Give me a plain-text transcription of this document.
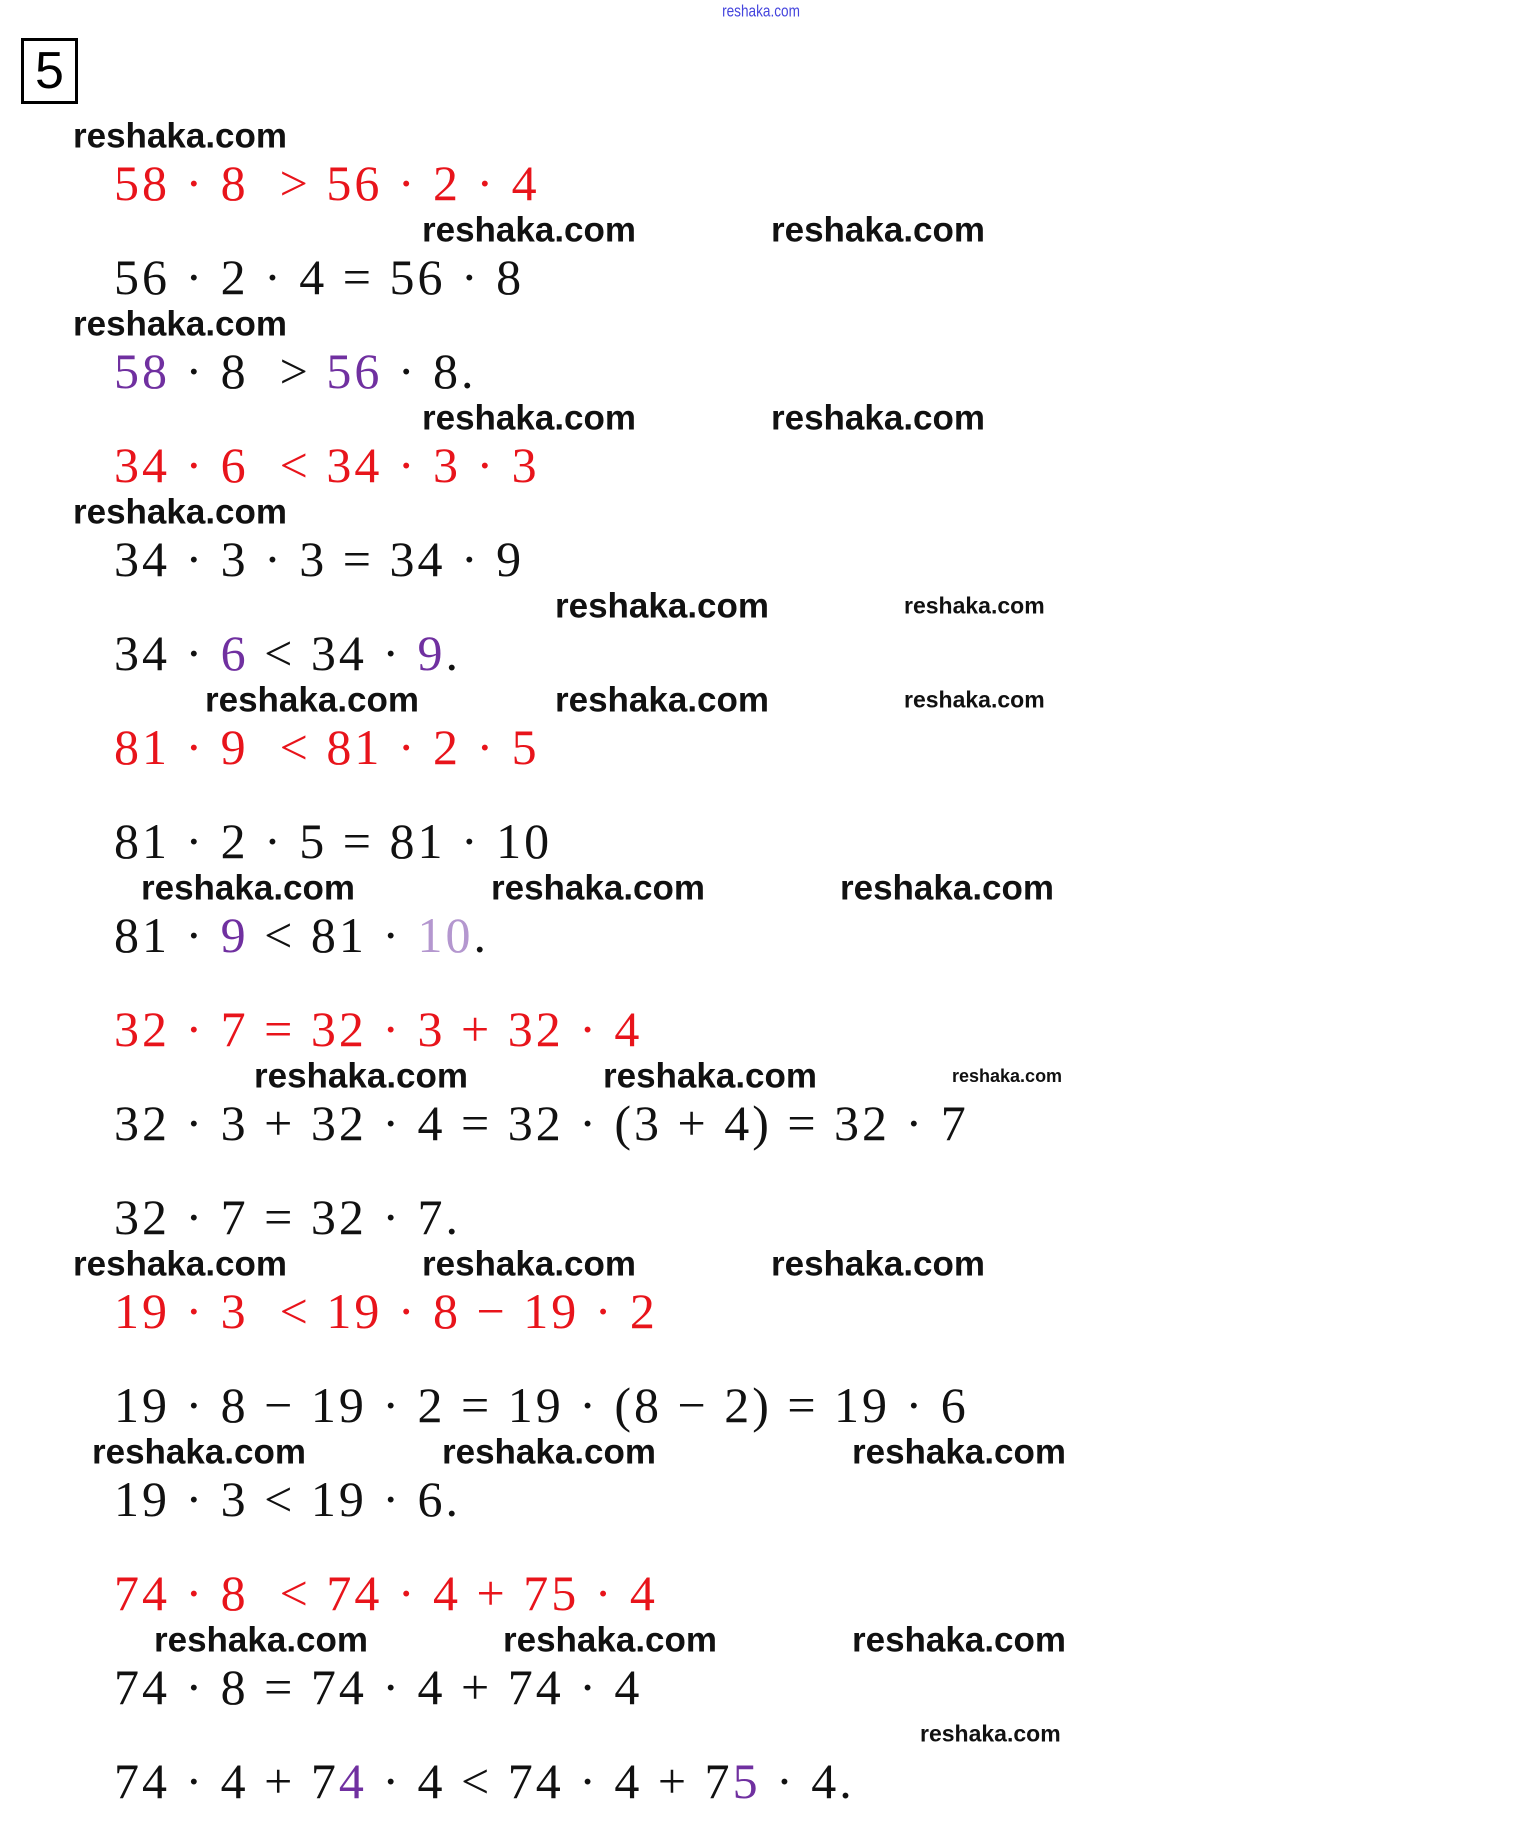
5
58 · 8  > 56 · 2 · 4
56 · 2 · 4 = 56 · 8
58 · 8  > 56 · 8.
34 · 6  < 34 · 3 · 3
34 · 3 · 3 = 34 · 9
34 · 6 < 34 · 9.
81 · 9  < 81 · 2 · 5
81 · 2 · 5 = 81 · 10
81 · 9 < 81 · 10.
32 · 7 = 32 · 3 + 32 · 4
32 · 3 + 32 · 4 = 32 · (3 + 4) = 32 · 7
32 · 7 = 32 · 7.
19 · 3  < 19 · 8 − 19 · 2
19 · 8 − 19 · 2 = 19 · (8 − 2) = 19 · 6
19 · 3 < 19 · 6.
74 · 8  < 74 · 4 + 75 · 4
74 · 8 = 74 · 4 + 74 · 4
74 · 4 + 74 · 4 < 74 · 4 + 75 · 4.
reshaka.com
reshaka.com
reshaka.com	reshaka.com
reshaka.com
reshaka.com	reshaka.com
reshaka.com
reshaka.com	reshaka.com
reshaka.com
reshaka.com	reshaka.com
reshaka.com	reshaka.com	reshaka.com
reshaka.com	reshaka.com	reshaka.com
reshaka.com	reshaka.com	reshaka.com
reshaka.com	reshaka.com	reshaka.com
reshaka.com
reshaka.com	reshaka.com
reshaka.com
